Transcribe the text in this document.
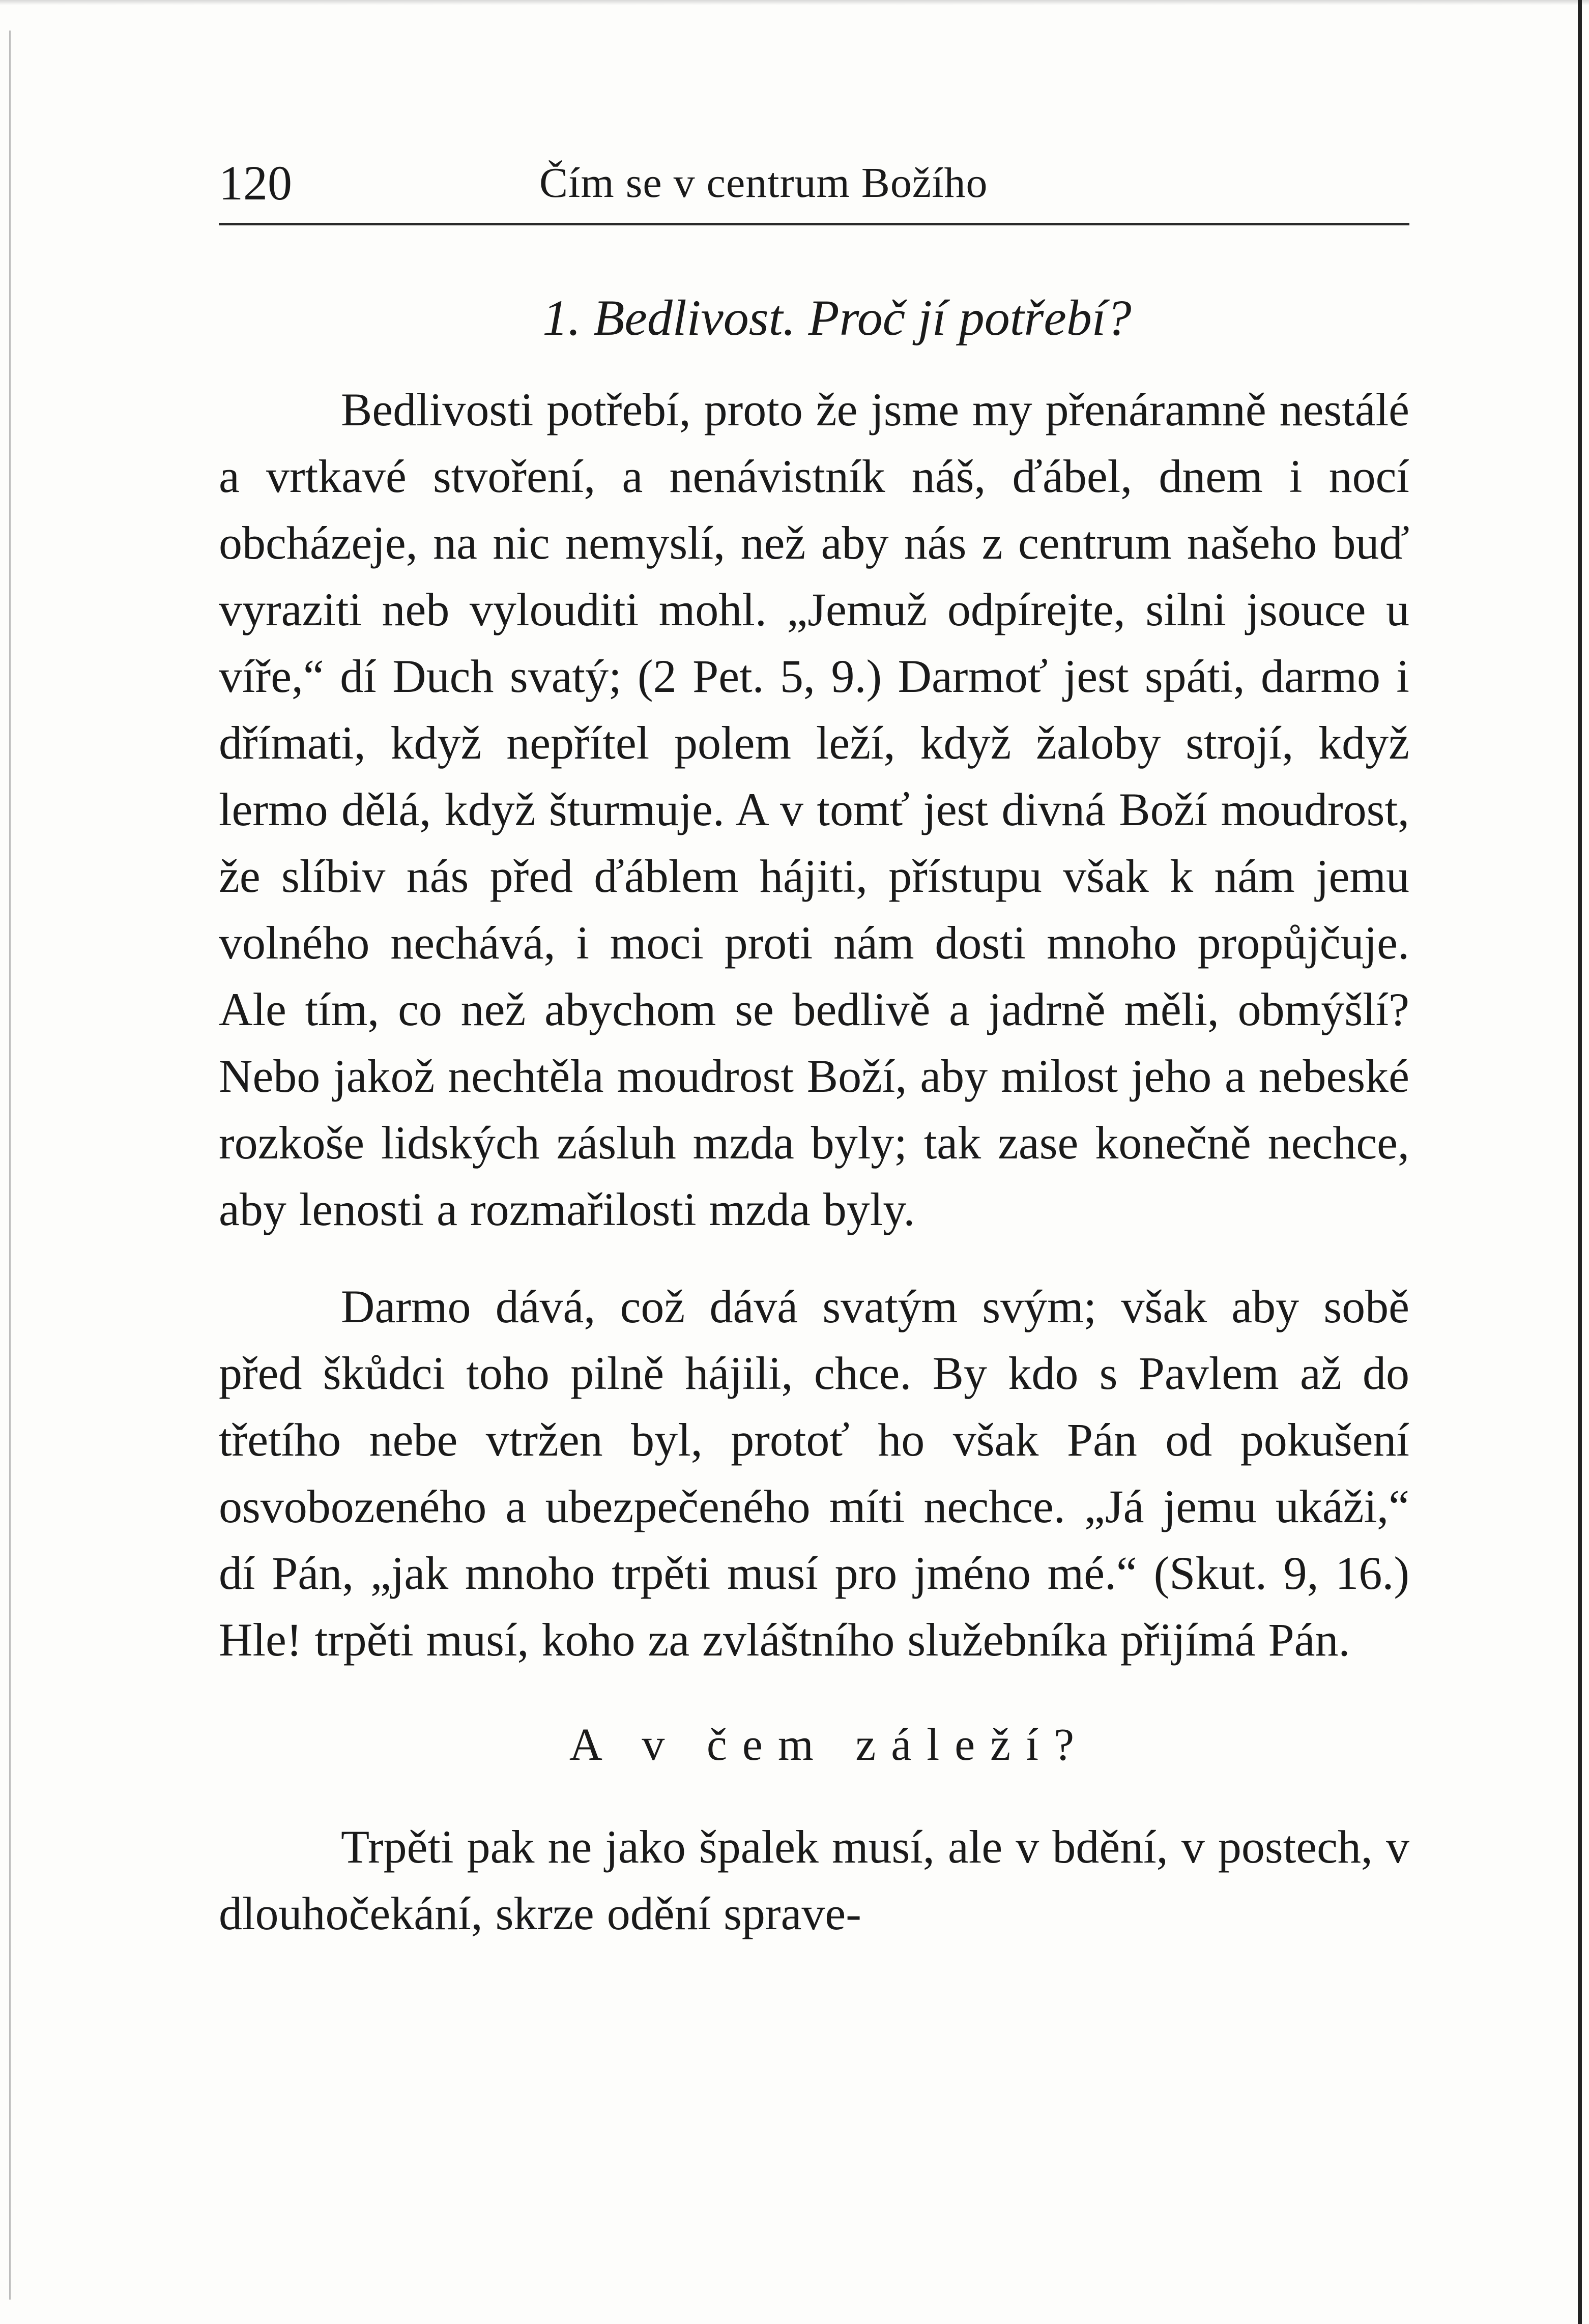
120	Čím se v centrum Božího
1. Bedlivost. Proč jí potřebí?

Bedlivosti potřebí, proto že jsme my přenáramně nestálé a vrtkavé stvoření, a nenávistník náš, ďábel, dnem i nocí obcházeje, na nic nemyslí, než aby nás z centrum našeho buď vyraziti neb vylouditi mohl. „Jemuž odpírejte, silni jsouce u víře,“ dí Duch svatý; (2 Pet. 5, 9.) Darmoť jest spáti, darmo i dřímati, když nepřítel polem leží, když žaloby strojí, když lermo dělá, když šturmuje. A v tomť jest divná Boží moudrost, že slíbiv nás před ďáblem hájiti, přístupu však k nám jemu volného nechává, i moci proti nám dosti mnoho propůjčuje. Ale tím, co než abychom se bedlivě a jadrně měli, obmýšlí? Nebo jakož nechtěla moudrost Boží, aby milost jeho a nebeské rozkoše lidských zásluh mzda byly; tak zase konečně nechce, aby lenosti a rozmařilosti mzda byly.

Darmo dává, což dává svatým svým; však aby sobě před škůdci toho pilně hájili, chce. By kdo s Pavlem až do třetího nebe vtržen byl, protoť ho však Pán od pokušení osvobozeného a ubezpečeného míti nechce. „Já jemu ukáži,“ dí Pán, „jak mnoho trpěti musí pro jméno mé.“ (Skut. 9, 16.) Hle! trpěti musí, koho za zvláštního služebníka přijímá Pán.

A v čem záleží?

Trpěti pak ne jako špalek musí, ale v bdění, v postech, v dlouhočekání, skrze odění sprave-
